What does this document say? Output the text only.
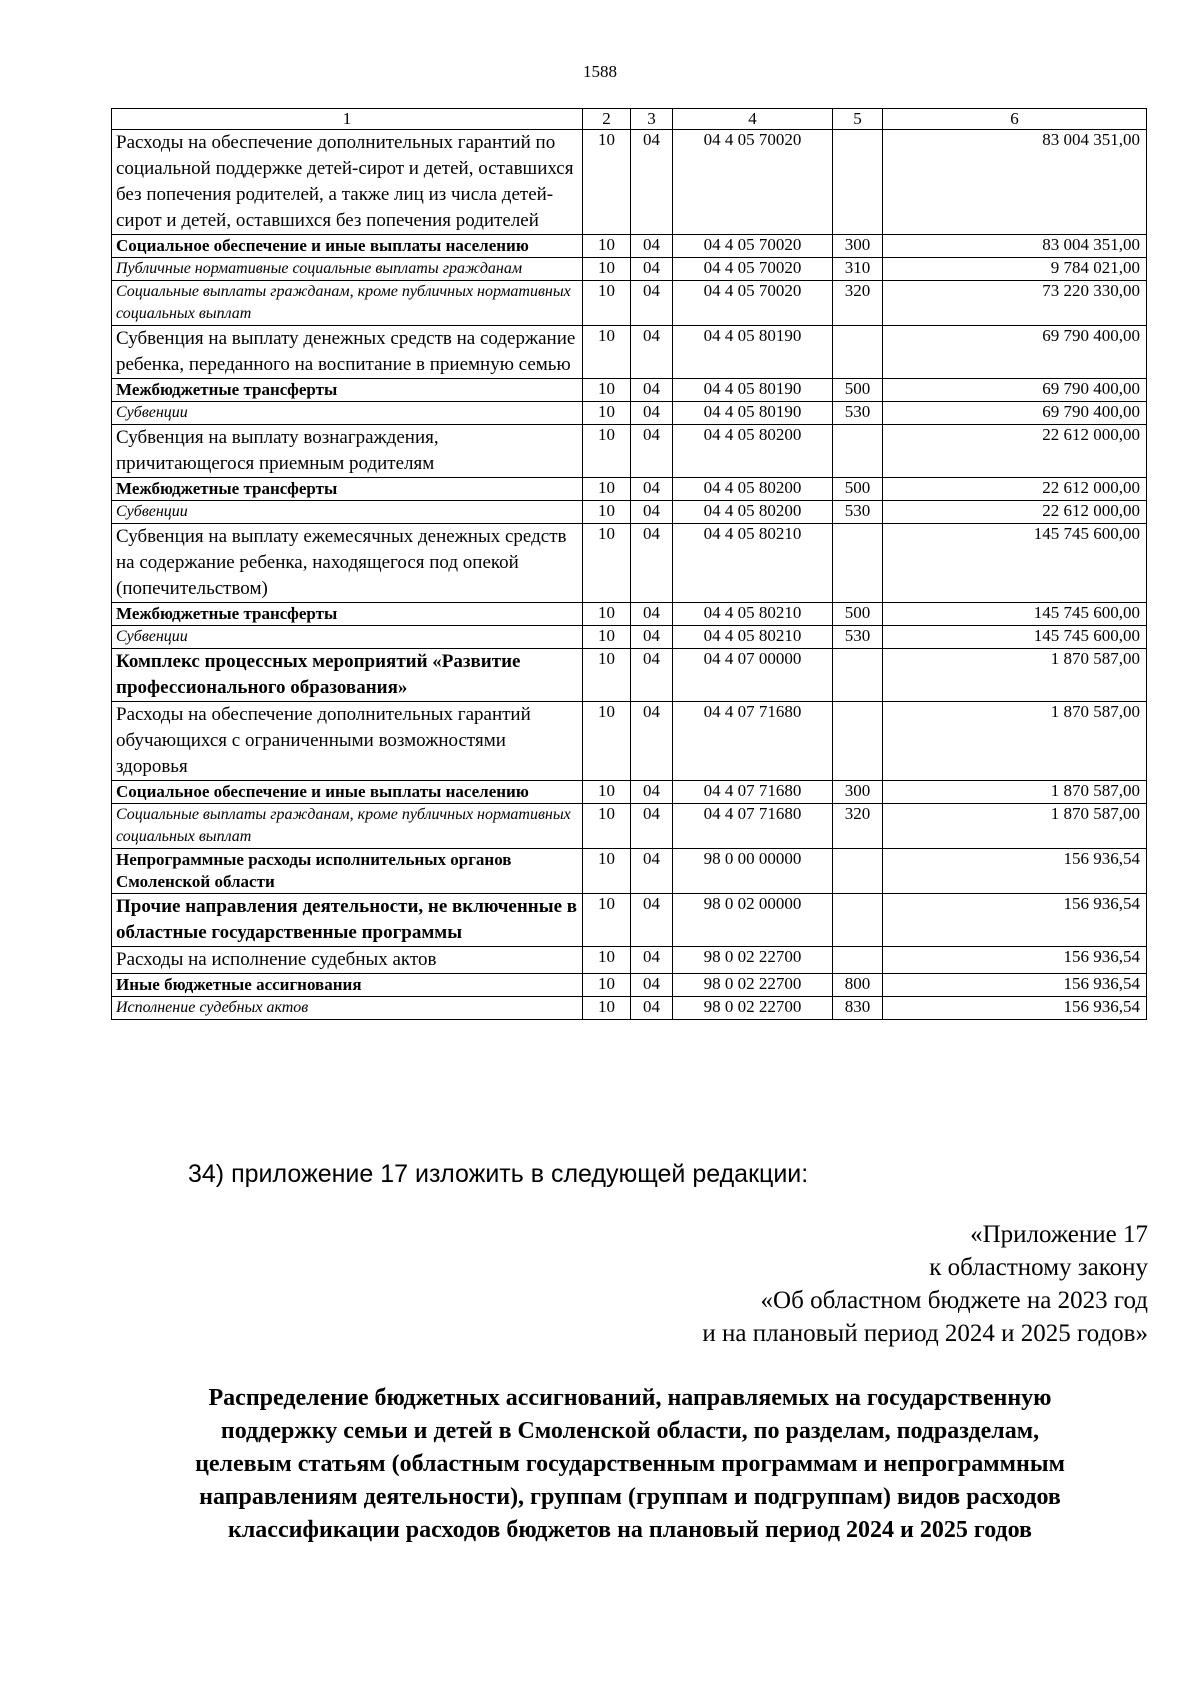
1588
1	2	3	4	5	6
Расходы на обеспечение дополнительных гарантий по социальной поддержке детей-сирот и детей, оставшихся без попечения родителей, а также лиц из числа детей-сирот и детей, оставшихся без попечения родителей	10	04	04 4 05 70020		83 004 351,00
Социальное обеспечение и иные выплаты населению	10	04	04 4 05 70020	300	83 004 351,00
Публичные нормативные социальные выплаты гражданам	10	04	04 4 05 70020	310	9 784 021,00
Социальные выплаты гражданам, кроме публичных нормативных социальных выплат	10	04	04 4 05 70020	320	73 220 330,00
Субвенция на выплату денежных средств на содержание ребенка, переданного на воспитание в приемную семью	10	04	04 4 05 80190		69 790 400,00
Межбюджетные трансферты	10	04	04 4 05 80190	500	69 790 400,00
Субвенции	10	04	04 4 05 80190	530	69 790 400,00
Субвенция на выплату вознаграждения, причитающегося приемным родителям	10	04	04 4 05 80200		22 612 000,00
Межбюджетные трансферты	10	04	04 4 05 80200	500	22 612 000,00
Субвенции	10	04	04 4 05 80200	530	22 612 000,00
Субвенция на выплату ежемесячных денежных средств на содержание ребенка, находящегося под опекой (попечительством)	10	04	04 4 05 80210		145 745 600,00
Межбюджетные трансферты	10	04	04 4 05 80210	500	145 745 600,00
Субвенции	10	04	04 4 05 80210	530	145 745 600,00
Комплекс процессных мероприятий «Развитие профессионального образования»	10	04	04 4 07 00000		1 870 587,00
Расходы на обеспечение дополнительных гарантий обучающихся с ограниченными возможностями здоровья	10	04	04 4 07 71680		1 870 587,00
Социальное обеспечение и иные выплаты населению	10	04	04 4 07 71680	300	1 870 587,00
Социальные выплаты гражданам, кроме публичных нормативных социальных выплат	10	04	04 4 07 71680	320	1 870 587,00
Непрограммные расходы исполнительных органов Смоленской области	10	04	98 0 00 00000		156 936,54
Прочие направления деятельности, не включенные в областные государственные программы	10	04	98 0 02 00000		156 936,54
Расходы на исполнение судебных актов	10	04	98 0 02 22700		156 936,54
Иные бюджетные ассигнования	10	04	98 0 02 22700	800	156 936,54
Исполнение судебных актов	10	04	98 0 02 22700	830	156 936,54
34) приложение 17 изложить в следующей редакции:
«Приложение 17
к областному закону
«Об областном бюджете на 2023 год
и на плановый период 2024 и 2025 годов»
Распределение бюджетных ассигнований, направляемых на государственную
поддержку семьи и детей в Смоленской области, по разделам, подразделам,
целевым статьям (областным государственным программам и непрограммным
направлениям деятельности), группам (группам и подгруппам) видов расходов
классификации расходов бюджетов на плановый период 2024 и 2025 годов
